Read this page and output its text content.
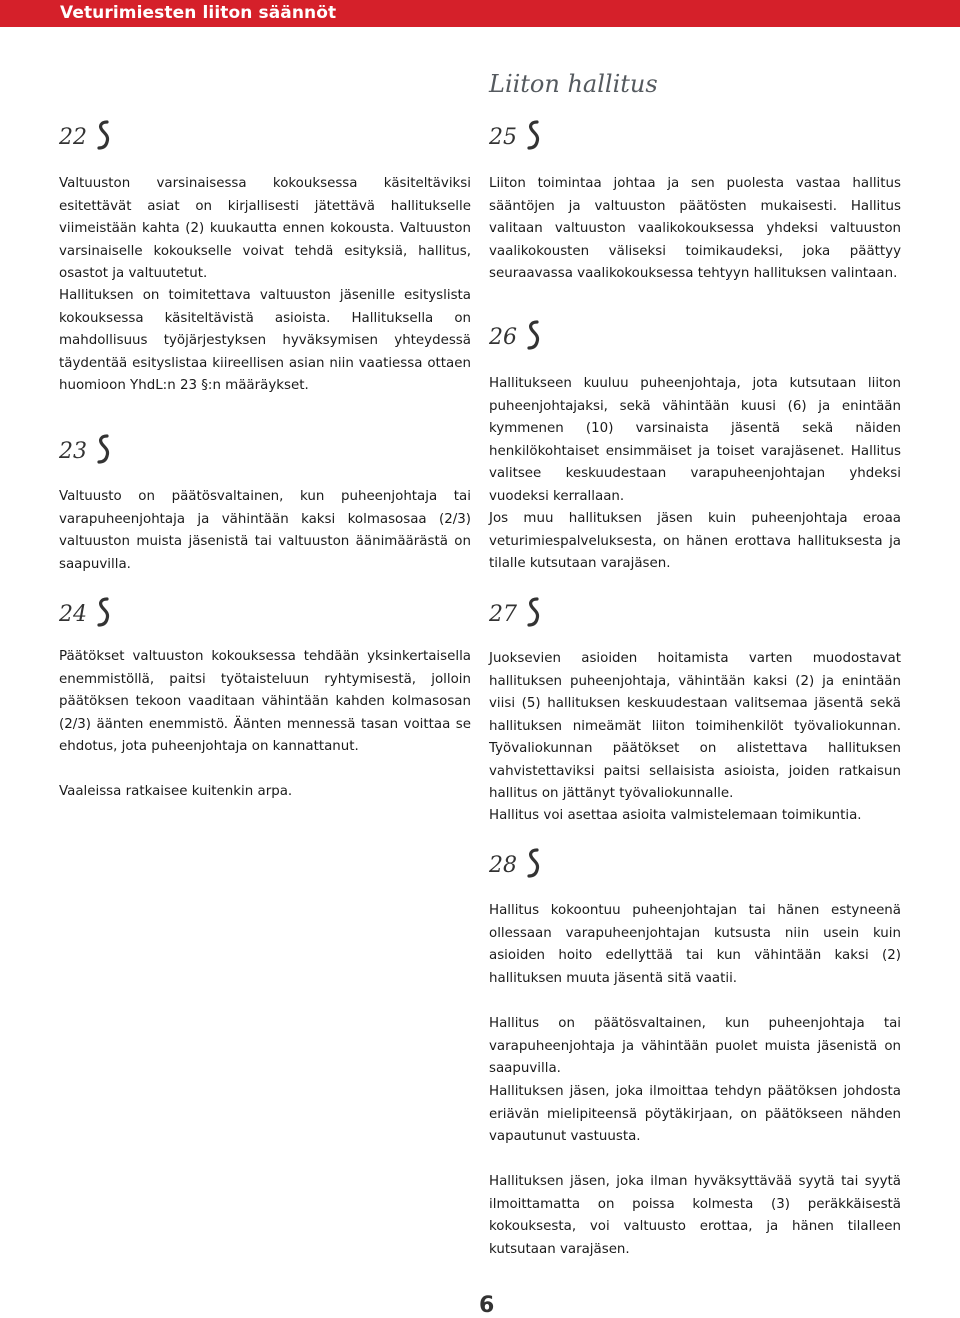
Veturimiesten liiton säännöt
Liiton hallitus
22

Valtuuston varsinaisessa kokouksessa käsiteltäviksi esitettävät asiat on kirjallisesti jätettävä hallitukselle viimeistään kahta (2) kuukautta ennen kokousta. Valtuuston varsinaiselle kokoukselle voivat tehdä esityksiä, hallitus, osastot ja valtuutetut.

Hallituksen on toimitettava valtuuston jäsenille esityslista kokouksessa käsiteltävistä asioista. Hallituksella on mahdollisuus työjärjestyksen hyväksymisen yhteydessä täydentää esityslistaa kiireellisen asian niin vaatiessa ottaen huomioon YhdL:n 23 §:n määräykset.

23

Valtuusto on päätösvaltainen, kun puheenjohtaja tai varapuheenjohtaja ja vähintään kaksi kolmasosaa (2/3) valtuuston muista jäsenistä tai valtuuston äänimäärästä on saapuvilla.

24

Päätökset valtuuston kokouksessa tehdään yksinkertaisella enemmistöllä, paitsi työtaisteluun ryhtymisestä, jolloin päätöksen tekoon vaaditaan vähintään kahden kolmasosan (2/3) äänten enemmistö. Äänten mennessä tasan voittaa se ehdotus, jota puheenjohtaja on kannattanut.

Vaaleissa ratkaisee kuitenkin arpa.

25

Liiton toimintaa johtaa ja sen puolesta vastaa hallitus sääntöjen ja valtuuston päätösten mukaisesti. Hallitus valitaan valtuuston vaalikokouksessa yhdeksi valtuuston vaalikokousten väliseksi toimikaudeksi, joka päättyy seuraavassa vaalikokouksessa tehtyyn hallituksen valintaan.

26

Hallitukseen kuuluu puheenjohtaja, jota kutsutaan liiton puheenjohtajaksi, sekä vähintään kuusi (6) ja enintään kymmenen (10) varsinaista jäsentä sekä näiden henkilökohtaiset ensimmäiset ja toiset varajäsenet. Hallitus valitsee keskuudestaan varapuheenjohtajan yhdeksi vuodeksi kerrallaan.

Jos muu hallituksen jäsen kuin puheenjohtaja eroaa veturimiespalveluksesta, on hänen erottava hallituksesta ja tilalle kutsutaan varajäsen.

27

Juoksevien asioiden hoitamista varten muodostavat hallituksen puheenjohtaja, vähintään kaksi (2) ja enintään viisi (5) hallituksen keskuudestaan valitsemaa jäsentä sekä hallituksen nimeämät liiton toimihenkilöt työvaliokunnan. Työvaliokunnan päätökset on alistettava hallituksen vahvistettaviksi paitsi sellaisista asioista, joiden ratkaisun hallitus on jättänyt työvaliokunnalle.

Hallitus voi asettaa asioita valmistelemaan toimikuntia.

28

Hallitus kokoontuu puheenjohtajan tai hänen estyneenä ollessaan varapuheenjohtajan kutsusta niin usein kuin asioiden hoito edellyttää tai kun vähintään kaksi (2) hallituksen muuta jäsentä sitä vaatii.

Hallitus on päätösvaltainen, kun puheenjohtaja tai varapuheenjohtaja ja vähintään puolet muista jäsenistä on saapuvilla.

Hallituksen jäsen, joka ilmoittaa tehdyn päätöksen johdosta eriävän mielipiteensä pöytäkirjaan, on päätökseen nähden vapautunut vastuusta.

Hallituksen jäsen, joka ilman hyväksyttävää syytä tai syytä ilmoittamatta on poissa kolmesta (3) peräkkäisestä kokouksesta, voi valtuusto erottaa, ja hänen tilalleen kutsutaan varajäsen.

6
